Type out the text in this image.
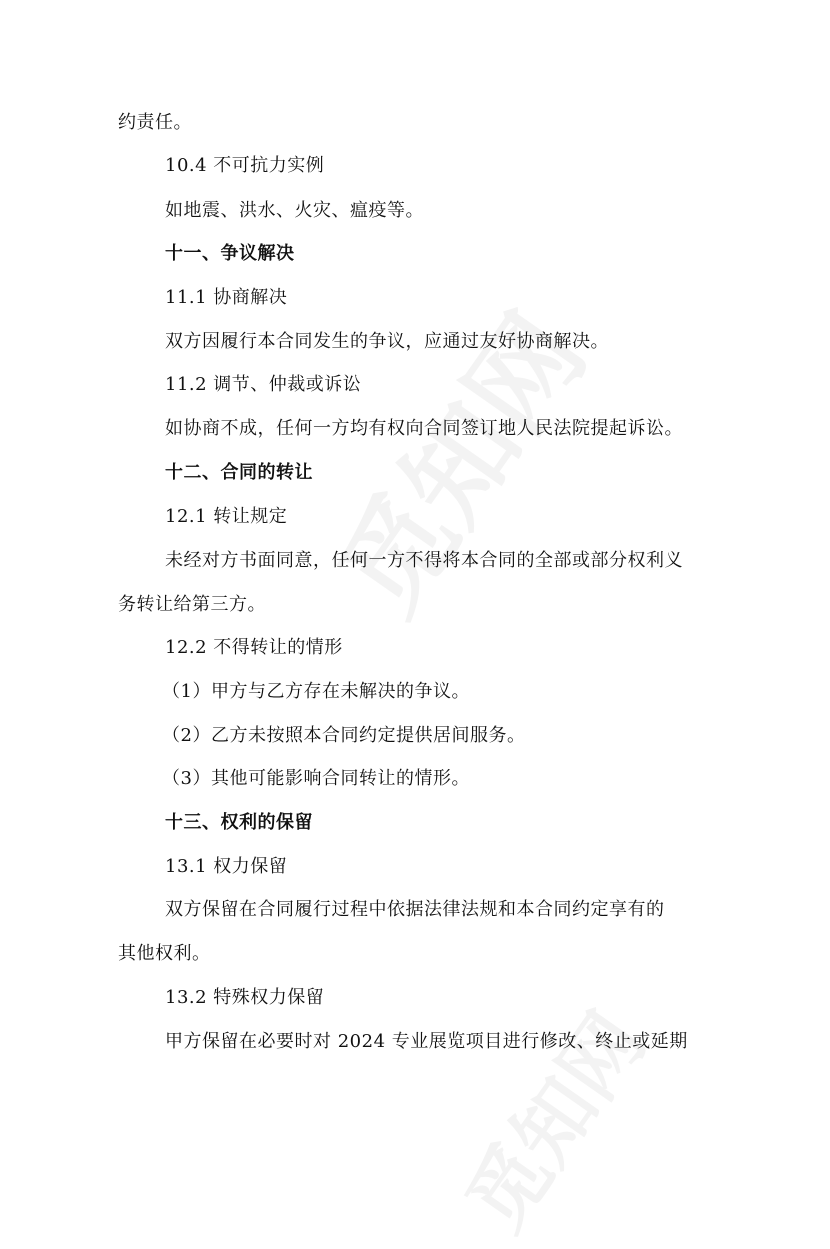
约责任。
10.4 不可抗力实例
如地震、洪水、火灾、瘟疫等。
十一、争议解决
11.1 协商解决
双方因履行本合同发生的争议，应通过友好协商解决。
11.2 调节、仲裁或诉讼
如协商不成，任何一方均有权向合同签订地人民法院提起诉讼。
十二、合同的转让
12.1 转让规定
未经对方书面同意，任何一方不得将本合同的全部或部分权利义
务转让给第三方。
12.2 不得转让的情形
（1）甲方与乙方存在未解决的争议。
（2）乙方未按照本合同约定提供居间服务。
（3）其他可能影响合同转让的情形。
十三、权利的保留
13.1 权力保留
双方保留在合同履行过程中依据法律法规和本合同约定享有的
其他权利。
13.2 特殊权力保留
甲方保留在必要时对 2024 专业展览项目进行修改、终止或延期
